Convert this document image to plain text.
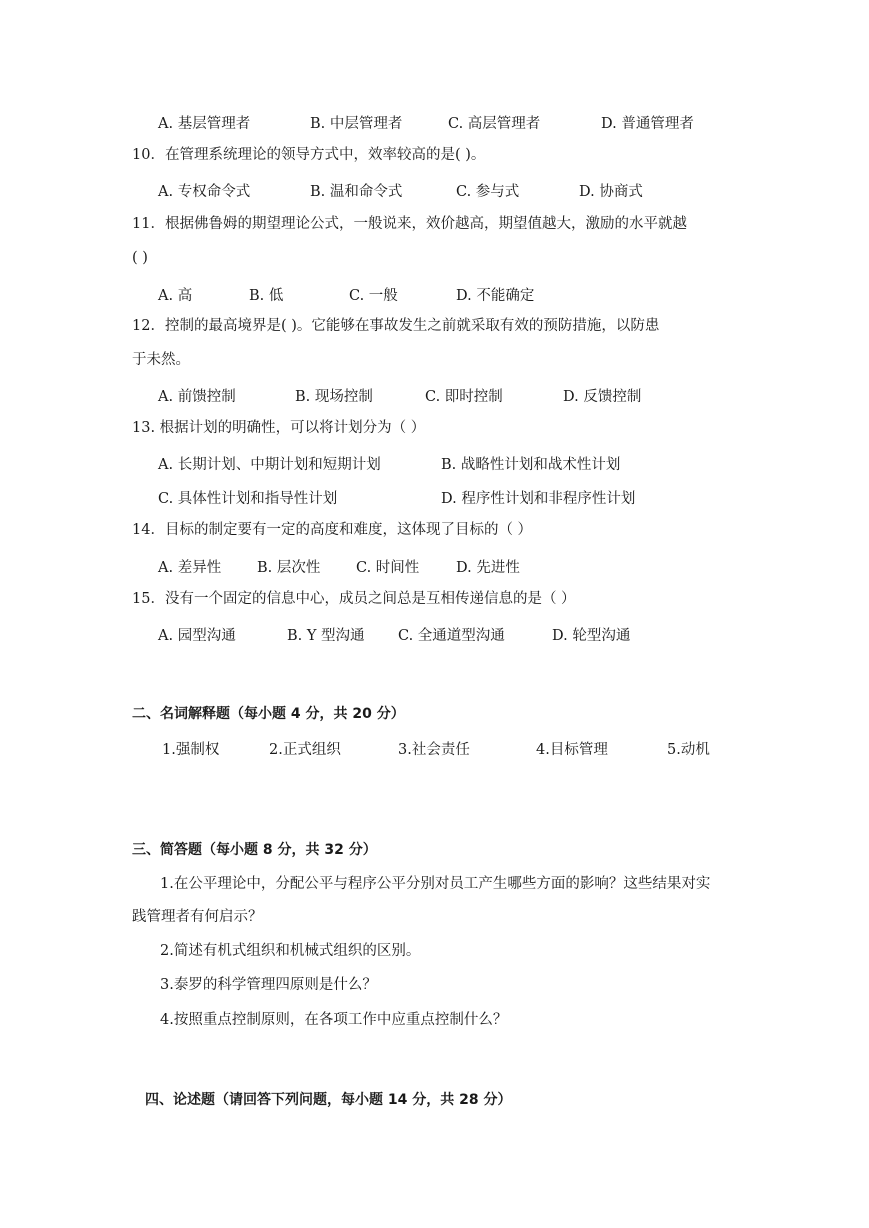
A. 基层管理者	B. 中层管理者	C. 高层管理者	D. 普通管理者
10．在管理系统理论的领导方式中，效率较高的是( )。
A. 专权命令式	B. 温和命令式	C. 参与式	D. 协商式
11．根据佛鲁姆的期望理论公式，一般说来，效价越高，期望值越大，激励的水平就越
( )
A. 高	B. 低	C. 一般	D. 不能确定
12．控制的最高境界是( )。它能够在事故发生之前就采取有效的预防措施，以防患
于未然。
A. 前馈控制	B. 现场控制	C. 即时控制	D. 反馈控制
13. 根据计划的明确性，可以将计划分为（ ）
A. 长期计划、中期计划和短期计划	B. 战略性计划和战术性计划
C. 具体性计划和指导性计划	D. 程序性计划和非程序性计划
14．目标的制定要有一定的高度和难度，这体现了目标的（ ）
A. 差异性 B. 层次性 C. 时间性	D. 先进性
15．没有一个固定的信息中心，成员之间总是互相传递信息的是（ ）
A. 园型沟通	B. Y 型沟通 C. 全通道型沟通	D. 轮型沟通
二、名词解释题（每小题 4 分，共 20 分）
1.强制权	2.正式组织	3.社会责任	4.目标管理	5.动机
三、简答题（每小题 8 分，共 32 分）
1.在公平理论中，分配公平与程序公平分别对员工产生哪些方面的影响？这些结果对实
践管理者有何启示？
2.简述有机式组织和机械式组织的区别。
3.泰罗的科学管理四原则是什么？
4.按照重点控制原则，在各项工作中应重点控制什么？
四、论述题（请回答下列问题，每小题 14 分，共 28 分）
